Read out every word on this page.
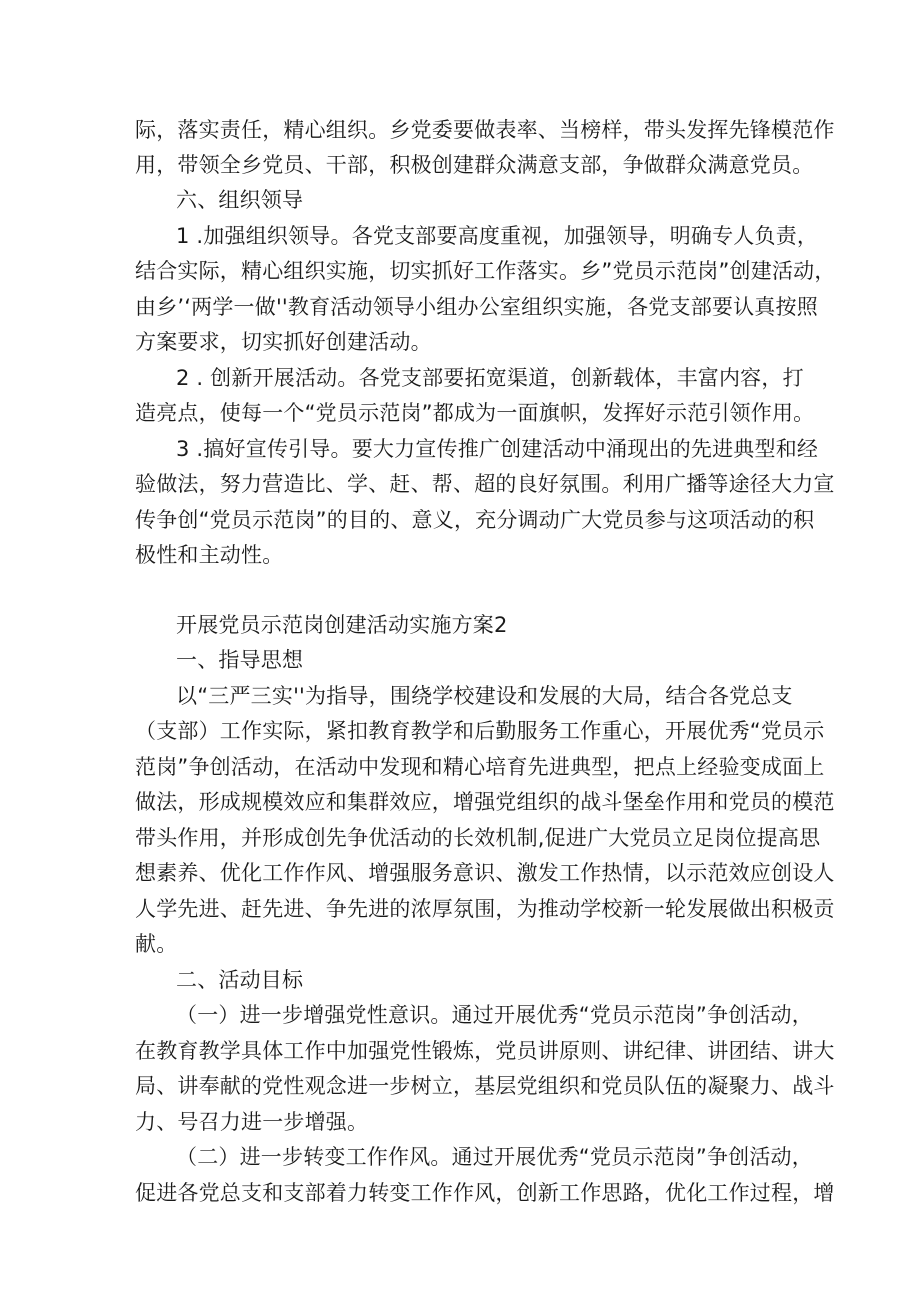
际，落实责任，精心组织。乡党委要做表率、当榜样，带头发挥先锋模范作
用，带领全乡党员、干部，积极创建群众满意支部，争做群众满意党员。
六、组织领导
1 .加强组织领导。各党支部要高度重视，加强领导，明确专人负责，
结合实际，精心组织实施，切实抓好工作落实。乡”党员示范岗”创建活动，
由乡’‘两学一做''教育活动领导小组办公室组织实施，各党支部要认真按照
方案要求，切实抓好创建活动。
2 . 创新开展活动。各党支部要拓宽渠道，创新载体，丰富内容，打
造亮点，使每一个“党员示范岗”都成为一面旗帜，发挥好示范引领作用。
3 .搞好宣传引导。要大力宣传推广创建活动中涌现出的先进典型和经
验做法，努力营造比、学、赶、帮、超的良好氛围。利用广播等途径大力宣
传争创“党员示范岗”的目的、意义，充分调动广大党员参与这项活动的积
极性和主动性。
开展党员示范岗创建活动实施方案2
一、指导思想
以“三严三实''为指导，围绕学校建设和发展的大局，结合各党总支
（支部）工作实际，紧扣教育教学和后勤服务工作重心，开展优秀“党员示
范岗”争创活动，在活动中发现和精心培育先进典型，把点上经验变成面上
做法，形成规模效应和集群效应，增强党组织的战斗堡垒作用和党员的模范
带头作用，并形成创先争优活动的长效机制,促进广大党员立足岗位提高思
想素养、优化工作作风、增强服务意识、激发工作热情，以示范效应创设人
人学先进、赶先进、争先进的浓厚氛围，为推动学校新一轮发展做出积极贡
献。
二、活动目标
（一）进一步增强党性意识。通过开展优秀“党员示范岗”争创活动，
在教育教学具体工作中加强党性锻炼，党员讲原则、讲纪律、讲团结、讲大
局、讲奉献的党性观念进一步树立，基层党组织和党员队伍的凝聚力、战斗
力、号召力进一步增强。
（二）进一步转变工作作风。通过开展优秀“党员示范岗”争创活动，
促进各党总支和支部着力转变工作作风，创新工作思路，优化工作过程，增
